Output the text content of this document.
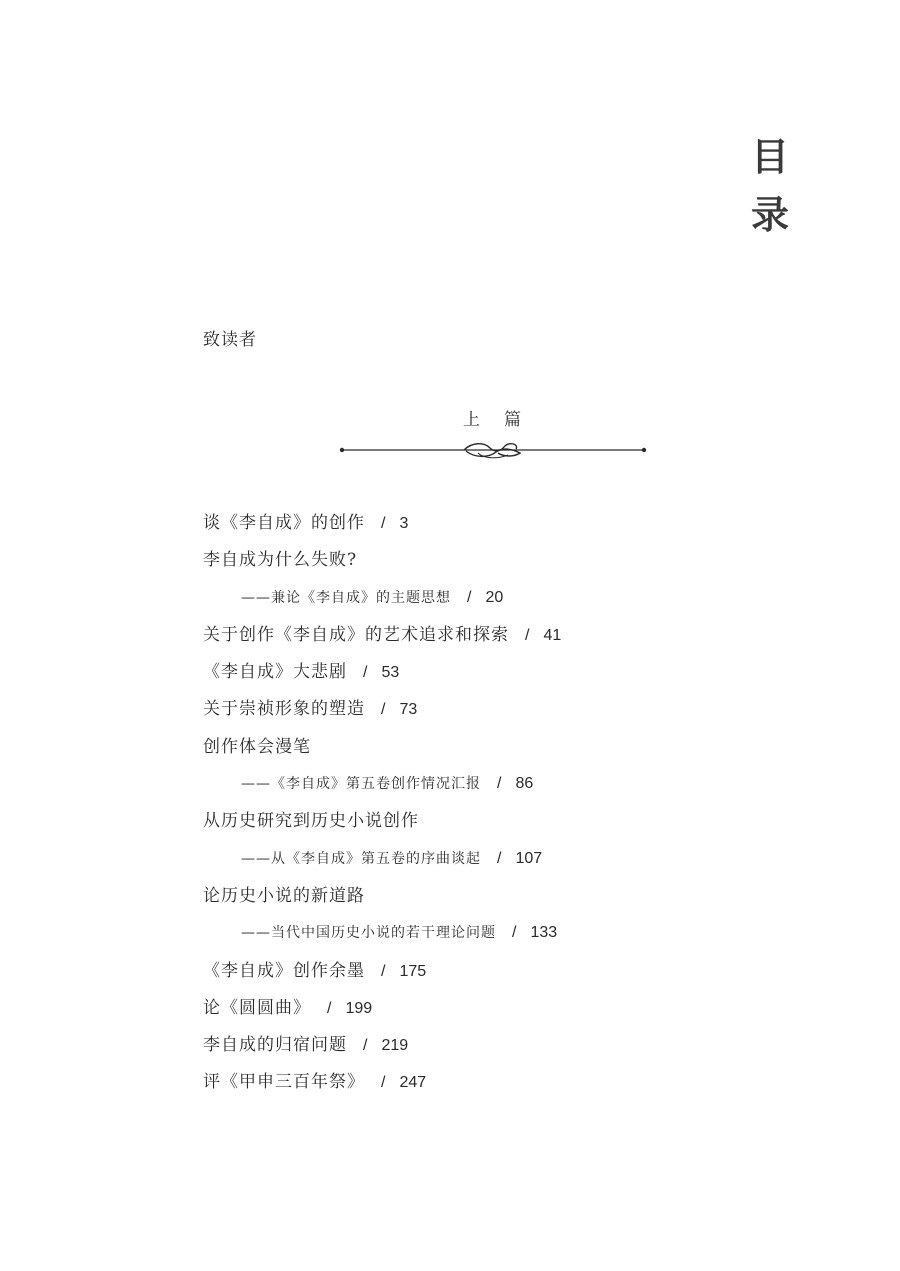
目
录
致读者
上 篇
谈《李自成》的创作 / 3
李自成为什么失败?
——兼论《李自成》的主题思想 / 20
关于创作《李自成》的艺术追求和探索 / 41
《李自成》大悲剧 / 53
关于崇祯形象的塑造 / 73
创作体会漫笔
——《李自成》第五卷创作情况汇报 / 86
从历史研究到历史小说创作
——从《李自成》第五卷的序曲谈起 / 107
论历史小说的新道路
——当代中国历史小说的若干理论问题 / 133
《李自成》创作余墨 / 175
论《圆圆曲》 / 199
李自成的归宿问题 / 219
评《甲申三百年祭》 / 247
